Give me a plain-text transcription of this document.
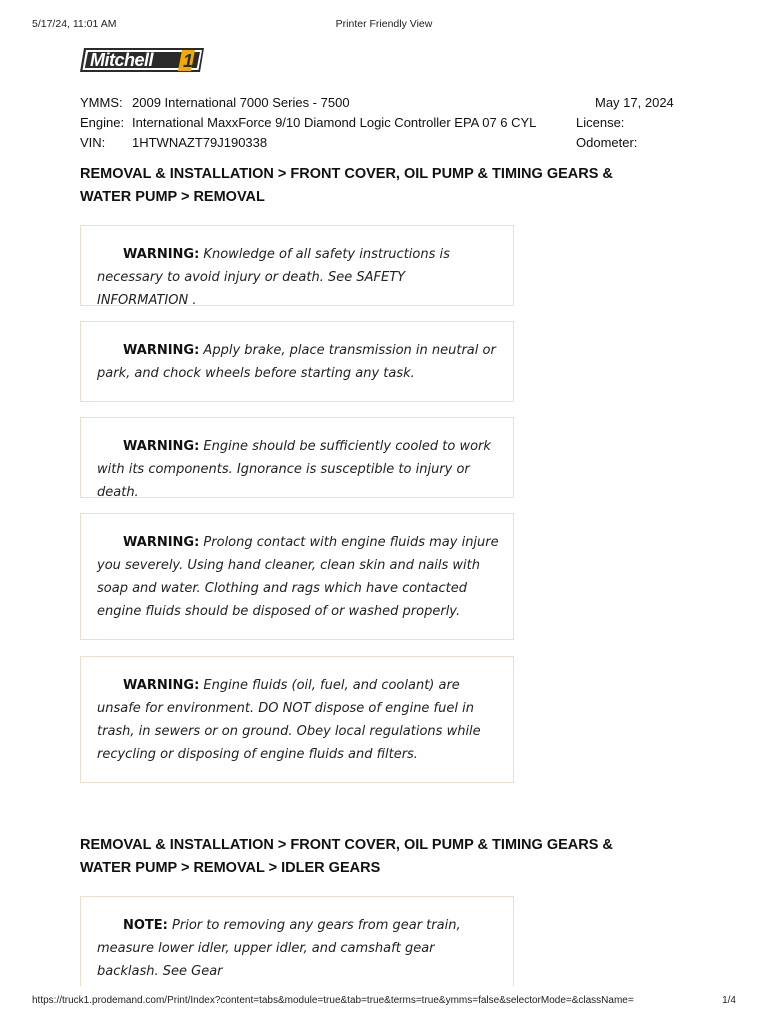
5/17/24, 11:01 AM	Printer Friendly View
Mitchell 1
YMMS: 2009 International 7000 Series - 7500	May 17, 2024
Engine: International MaxxForce 9/10 Diamond Logic Controller EPA 07 6 CYL	License:
VIN: 1HTWNAZT79J190338	Odometer:
REMOVAL & INSTALLATION > FRONT COVER, OIL PUMP & TIMING GEARS & WATER PUMP > REMOVAL

WARNING: Knowledge of all safety instructions is necessary to avoid injury or death. See SAFETY INFORMATION .

WARNING: Apply brake, place transmission in neutral or park, and chock wheels before starting any task.

WARNING: Engine should be sufficiently cooled to work with its components. Ignorance is susceptible to injury or death.

WARNING: Prolong contact with engine fluids may injure you severely. Using hand cleaner, clean skin and nails with soap and water. Clothing and rags which have contacted engine fluids should be disposed of or washed properly.

WARNING: Engine fluids (oil, fuel, and coolant) are unsafe for environment. DO NOT dispose of engine fuel in trash, in sewers or on ground. Obey local regulations while recycling or disposing of engine fluids and filters.

REMOVAL & INSTALLATION > FRONT COVER, OIL PUMP & TIMING GEARS & WATER PUMP > REMOVAL > IDLER GEARS

NOTE: Prior to removing any gears from gear train, measure lower idler, upper idler, and camshaft gear backlash. See Gear

https://truck1.prodemand.com/Print/Index?content=tabs&module=true&tab=true&terms=true&ymms=false&selectorMode=&className=	1/4
